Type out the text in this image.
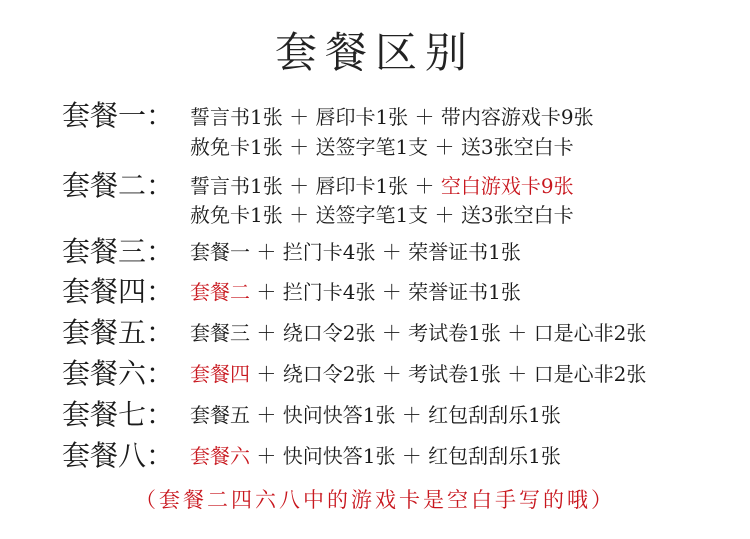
套餐区别
套餐一： 誓言书1张 ＋ 唇印卡1张 ＋ 带内容游戏卡9张
赦免卡1张 ＋ 送签字笔1支 ＋ 送3张空白卡
套餐二： 誓言书1张 ＋ 唇印卡1张 ＋ 空白游戏卡9张
赦免卡1张 ＋ 送签字笔1支 ＋ 送3张空白卡
套餐三： 套餐一 ＋ 拦门卡4张 ＋ 荣誉证书1张
套餐四： 套餐二 ＋ 拦门卡4张 ＋ 荣誉证书1张
套餐五： 套餐三 ＋ 绕口令2张 ＋ 考试卷1张 ＋ 口是心非2张
套餐六： 套餐四 ＋ 绕口令2张 ＋ 考试卷1张 ＋ 口是心非2张
套餐七： 套餐五 ＋ 快问快答1张 ＋ 红包刮刮乐1张
套餐八： 套餐六 ＋ 快问快答1张 ＋ 红包刮刮乐1张
（套餐二四六八中的游戏卡是空白手写的哦）
